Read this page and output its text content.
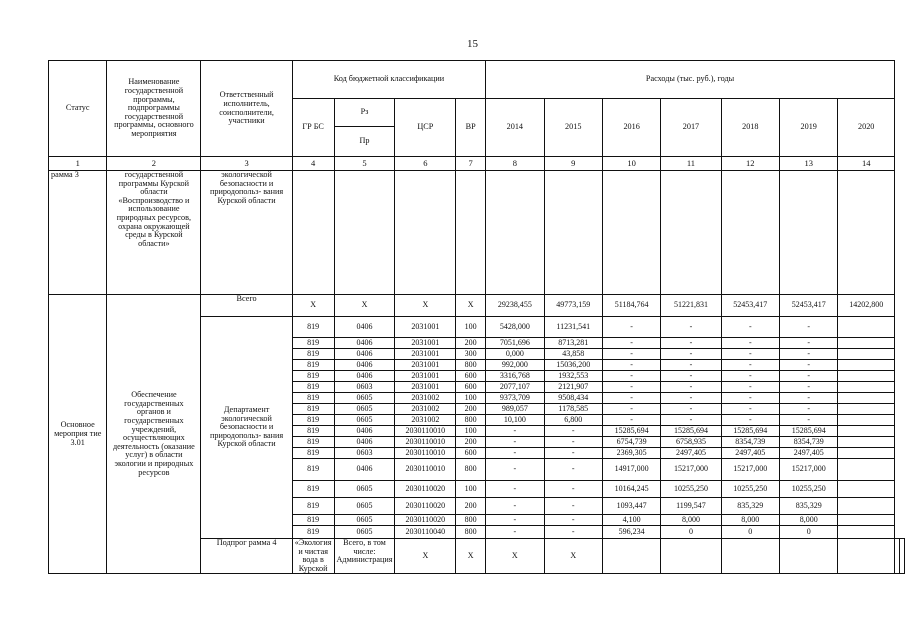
15
Статус	Наименование государственной программы, подпрограммы государственной программы, основного мероприятия	Ответственный исполнитель, соисполнители, участники	Код бюджетной классификации				Расходы (тыс. руб.), годы								
			ГР БС	Рз	ЦСР	ВР	2014	2015	2016	2017	2018	2019	2020		
				Пр											
1	2	3	4	5	6	7	8	9	10	11	12	13	14		
рамма 3	государственной программы Курской области «Воспроизводство и использование природных ресурсов, охрана окружающей среды в Курской области»	экологической безопасности и природопольз- вания Курской области													
Основное мероприя тие 3.01	Обеспечение государственных органов и государственных учреждений, осуществляющих деятельность (оказание услуг) в области экологии и природных ресурсов	Всего	X	X	X	X	29238,455	49773,159	51184,764	51221,831	52453,417	52453,417	14202,800		
		Департамент экологической безопасности и природопольз- вания Курской области	819	0406	2031001	100	5428,000	11231,541	-	-	-	-			
			819	0406	2031001	200	7051,696	8713,281	-	-	-	-			
			819	0406	2031001	300	0,000	43,858	-	-	-	-			
			819	0406	2031001	800	992,000	15036,200	-	-	-	-			
			819	0406	2031001	600	3316,768	1932,553	-	-	-	-			
			819	0603	2031001	600	2077,107	2121,907	-	-	-	-			
			819	0605	2031002	100	9373,709	9508,434	-	-	-	-			
			819	0605	2031002	200	989,057	1178,585	-	-	-	-			
			819	0605	2031002	800	10,100	6,800	-	-	-	-			
			819	0406	2030110010	100	-	-	15285,694	15285,694	15285,694	15285,694			
			819	0406	2030110010	200	-	-	6754,739	6758,935	8354,739	8354,739			
			819	0603	2030110010	600	-	-	2369,305	2497,405	2497,405	2497,405			
			819	0406	2030110010	800	-	-	14917,000	15217,000	15217,000	15217,000			
			819	0605	2030110020	100	-	-	10164,245	10255,250	10255,250	10255,250			
			819	0605	2030110020	200	-	-	1093,447	1199,547	835,329	835,329			
			819	0605	2030110020	800	-	-	4,100	8,000	8,000	8,000			
			819	0605	2030110040	800	-	-	596,234	0	0	0			
		Подпрог рамма 4	«Экология и чистая вода в Курской	Всего, в том числе: Администрация	X	X	X	X							
